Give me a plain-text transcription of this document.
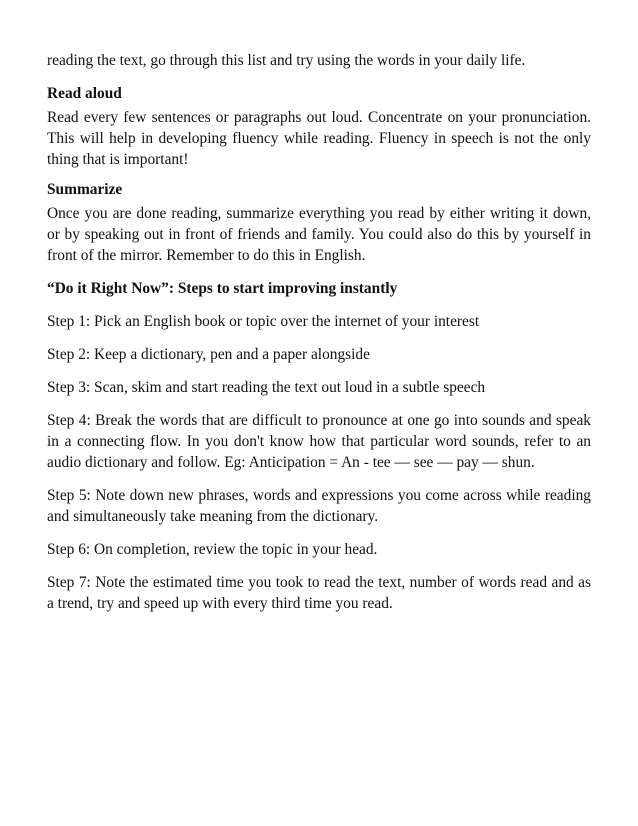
reading the text, go through this list and try using the words in your daily life.

Read aloud

Read every few sentences or paragraphs out loud. Concentrate on your pronunciation. This will help in developing fluency while reading. Fluency in speech is not the only thing that is important!

Summarize

Once you are done reading, summarize everything you read by either writing it down, or by speaking out in front of friends and family. You could also do this by yourself in front of the mirror. Remember to do this in English.

“Do it Right Now”: Steps to start improving instantly

Step 1: Pick an English book or topic over the internet of your interest

Step 2: Keep a dictionary, pen and a paper alongside

Step 3: Scan, skim and start reading the text out loud in a subtle speech

Step 4: Break the words that are difficult to pronounce at one go into sounds and speak in a connecting flow. In you don't know how that particular word sounds, refer to an audio dictionary and follow. Eg: Anticipation = An - tee — see — pay — shun.

Step 5: Note down new phrases, words and expressions you come across while reading and simultaneously take meaning from the dictionary.

Step 6: On completion, review the topic in your head.

Step 7: Note the estimated time you took to read the text, number of words read and as a trend, try and speed up with every third time you read.
